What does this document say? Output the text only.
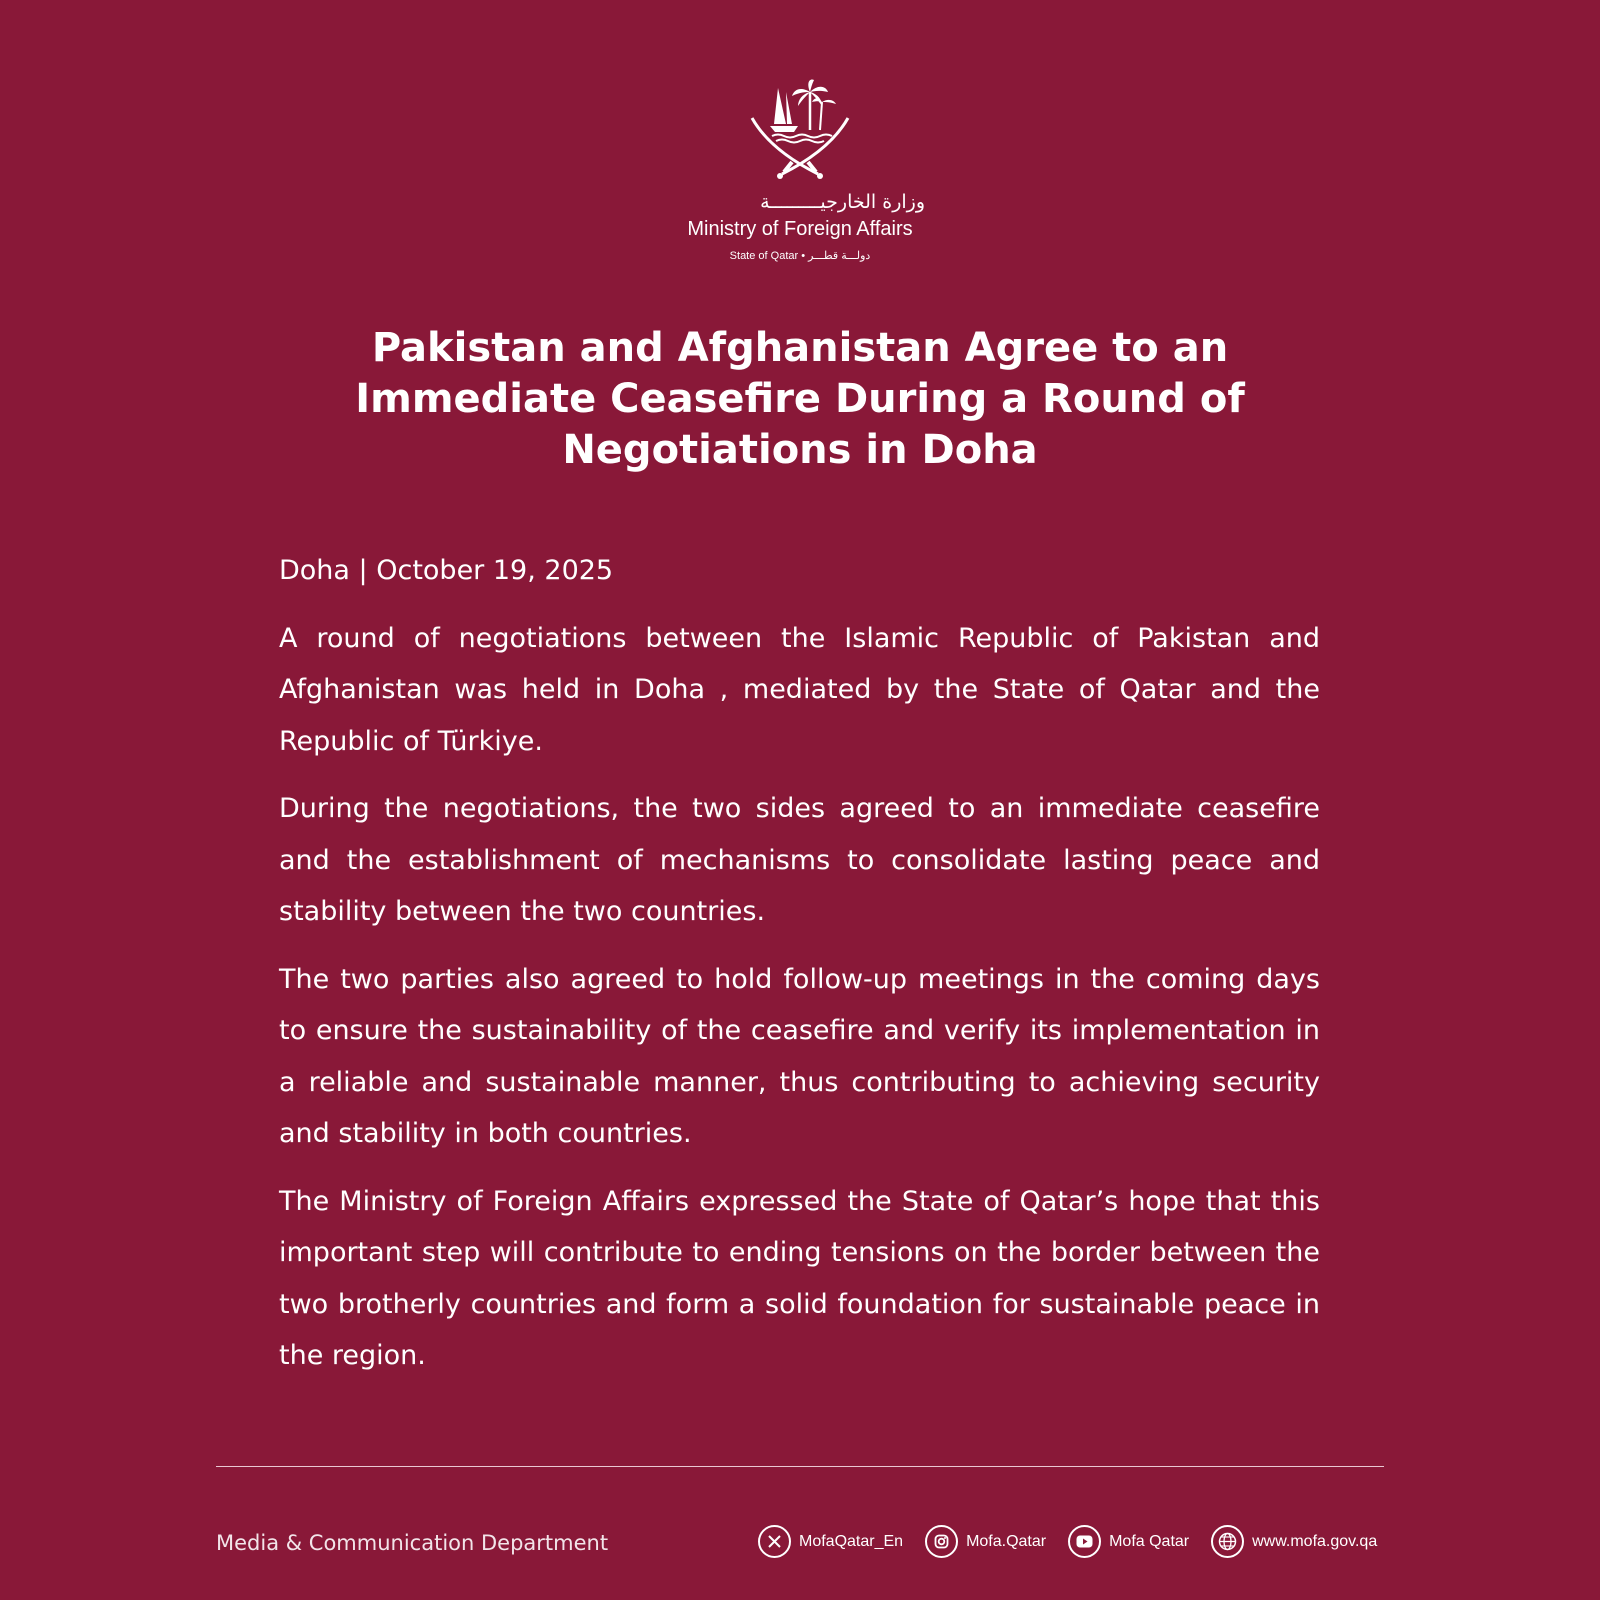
وزارة الخارجيـــــــــة
Ministry of Foreign Affairs
State of Qatar • دولـــة قطـــر
Pakistan and Afghanistan Agree to an Immediate Ceasefire During a Round of Negotiations in Doha

Doha | October 19, 2025

A round of negotiations between the Islamic Republic of Pakistan and Afghanistan was held in Doha , mediated by the State of Qatar and the Republic of Türkiye.

During the negotiations, the two sides agreed to an immediate ceasefire and the establishment of mechanisms to consolidate lasting peace and stability between the two countries.

The two parties also agreed to hold follow-up meetings in the coming days to ensure the sustainability of the ceasefire and verify its implementation in a reliable and sustainable manner, thus contributing to achieving security and stability in both countries.

The Ministry of Foreign Affairs expressed the State of Qatar’s hope that this important step will contribute to ending tensions on the border between the two brotherly countries and form a solid foundation for sustainable peace in the region.

Media & Communication Department	MofaQatar_En	Mofa.Qatar	Mofa Qatar	www.mofa.gov.qa
